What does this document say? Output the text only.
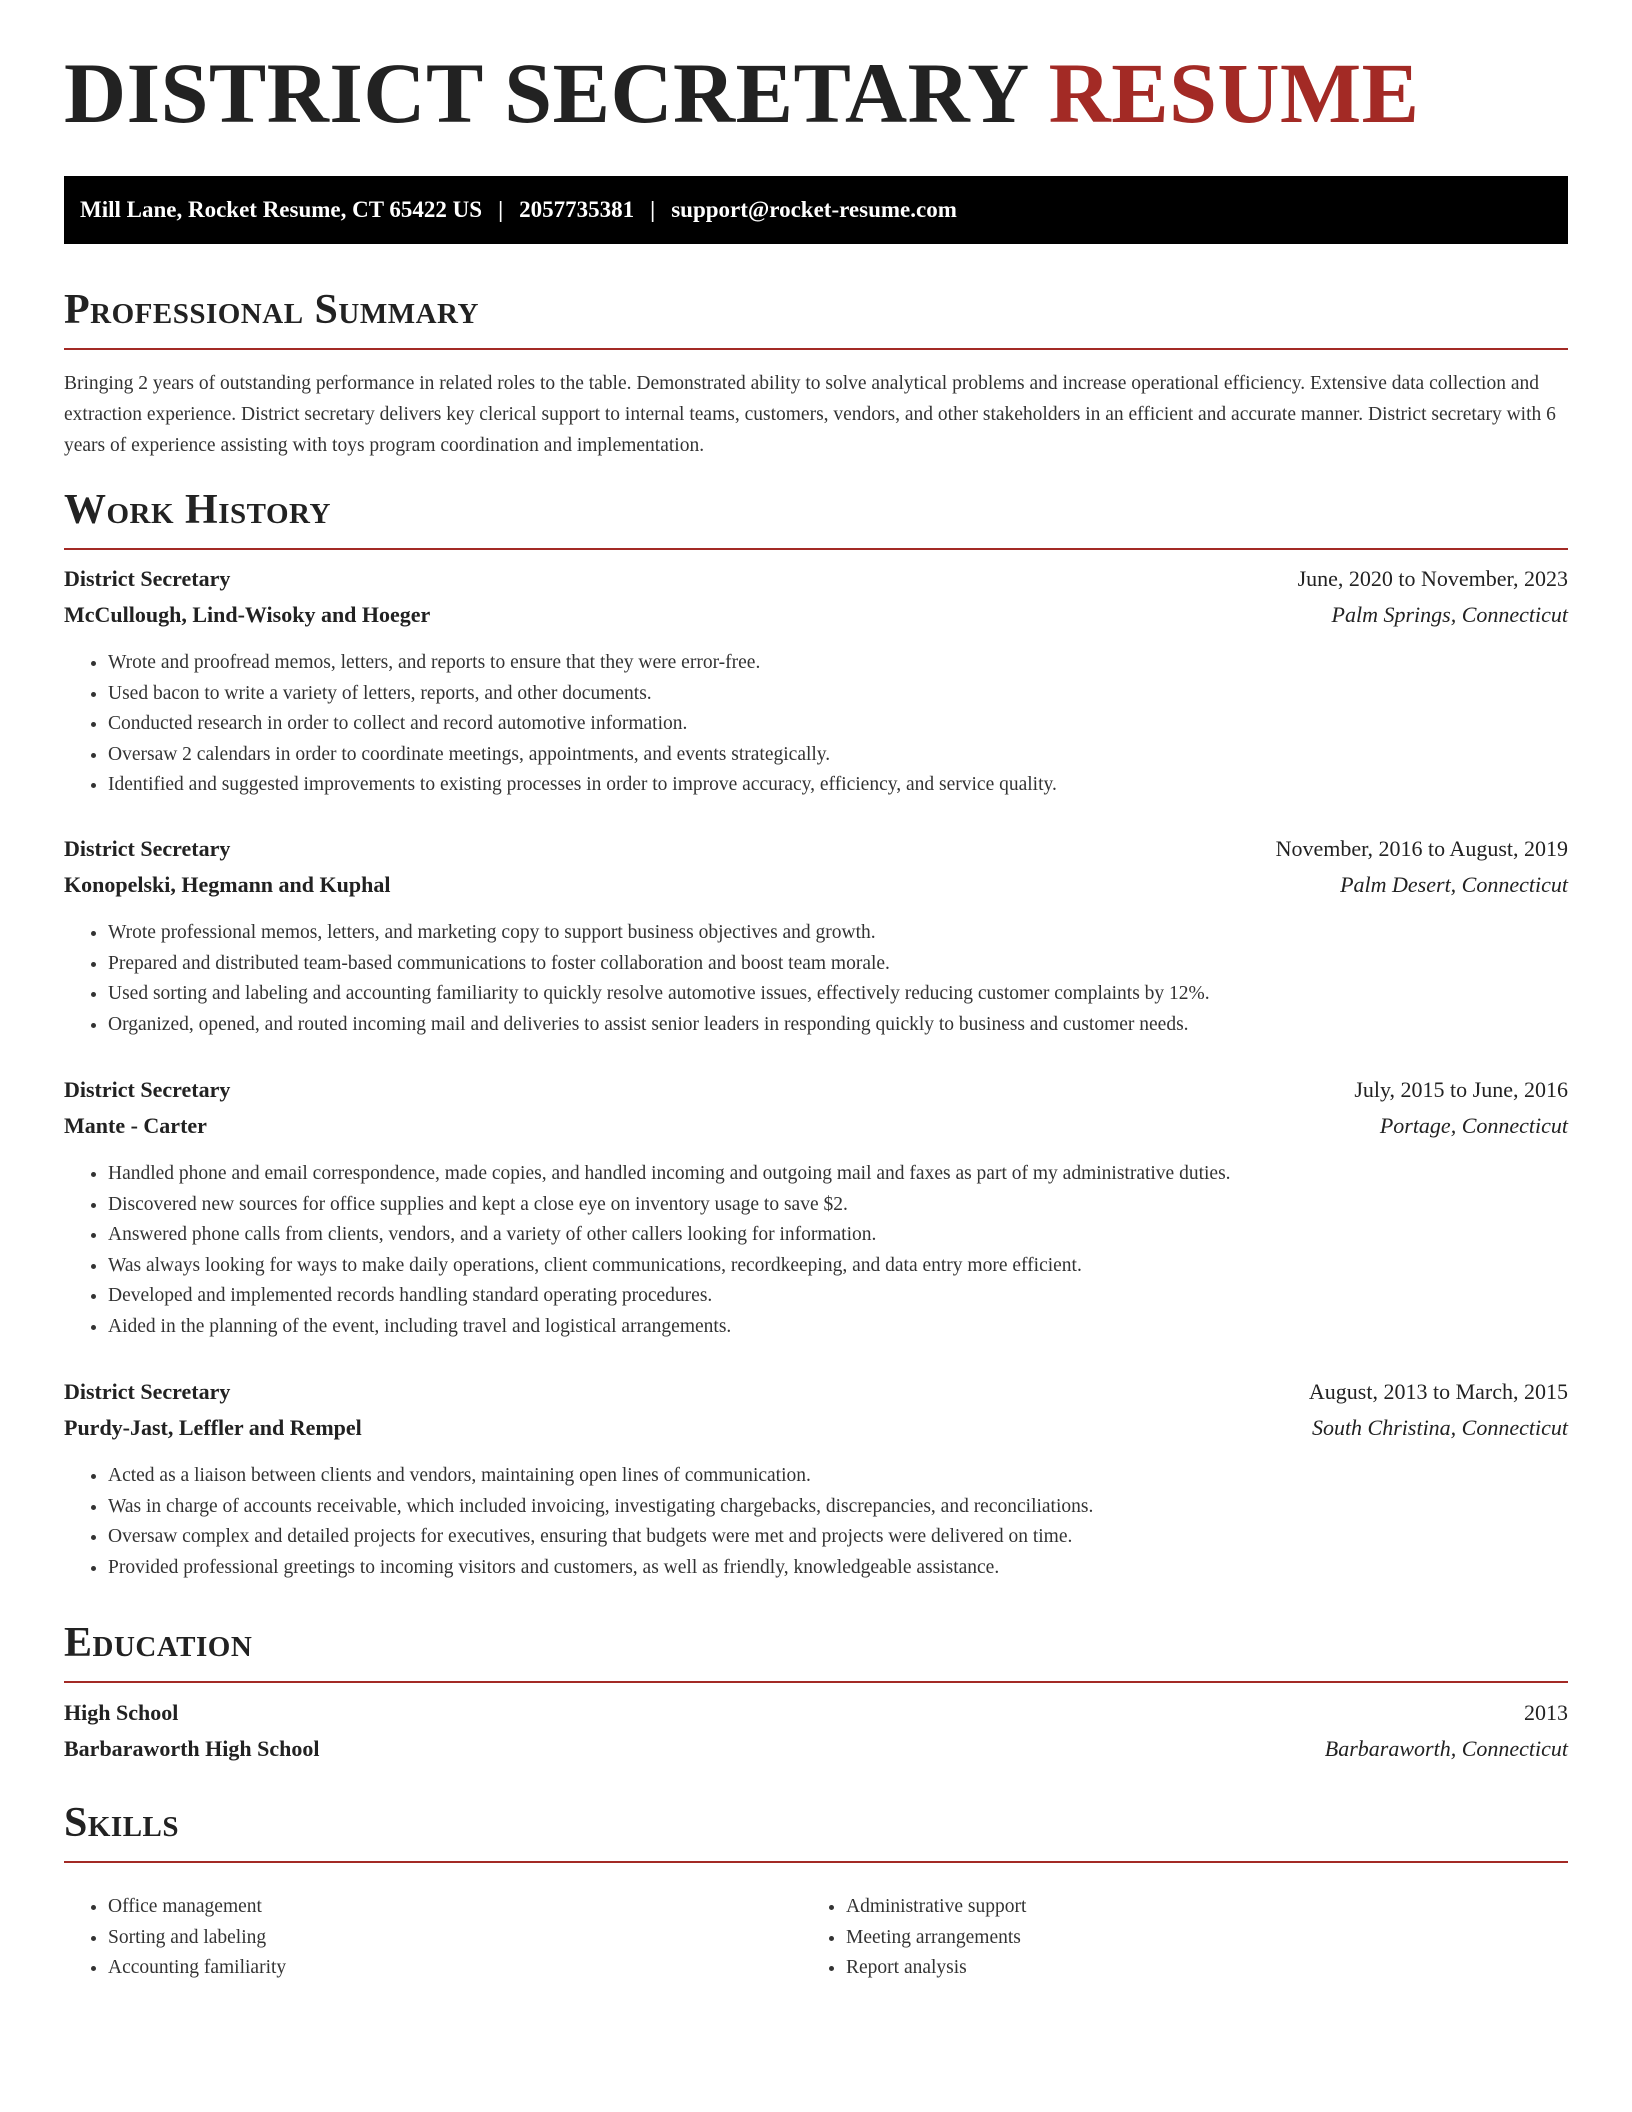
DISTRICT SECRETARY RESUME
Mill Lane, Rocket Resume, CT 65422 US | 2057735381 | support@rocket-resume.com
Professional Summary

Bringing 2 years of outstanding performance in related roles to the table. Demonstrated ability to solve analytical problems and increase operational efficiency. Extensive data collection and extraction experience. District secretary delivers key clerical support to internal teams, customers, vendors, and other stakeholders in an efficient and accurate manner. District secretary with 6 years of experience assisting with toys program coordination and implementation.

Work History
District Secretary	June, 2020 to November, 2023
McCullough, Lind-Wisoky and Hoeger	Palm Springs, Connecticut
• Wrote and proofread memos, letters, and reports to ensure that they were error-free.
• Used bacon to write a variety of letters, reports, and other documents.
• Conducted research in order to collect and record automotive information.
• Oversaw 2 calendars in order to coordinate meetings, appointments, and events strategically.
• Identified and suggested improvements to existing processes in order to improve accuracy, efficiency, and service quality.
District Secretary	November, 2016 to August, 2019
Konopelski, Hegmann and Kuphal	Palm Desert, Connecticut
• Wrote professional memos, letters, and marketing copy to support business objectives and growth.
• Prepared and distributed team-based communications to foster collaboration and boost team morale.
• Used sorting and labeling and accounting familiarity to quickly resolve automotive issues, effectively reducing customer complaints by 12%.
• Organized, opened, and routed incoming mail and deliveries to assist senior leaders in responding quickly to business and customer needs.
District Secretary	July, 2015 to June, 2016
Mante - Carter	Portage, Connecticut
• Handled phone and email correspondence, made copies, and handled incoming and outgoing mail and faxes as part of my administrative duties.
• Discovered new sources for office supplies and kept a close eye on inventory usage to save $2.
• Answered phone calls from clients, vendors, and a variety of other callers looking for information.
• Was always looking for ways to make daily operations, client communications, recordkeeping, and data entry more efficient.
• Developed and implemented records handling standard operating procedures.
• Aided in the planning of the event, including travel and logistical arrangements.
District Secretary	August, 2013 to March, 2015
Purdy-Jast, Leffler and Rempel	South Christina, Connecticut
• Acted as a liaison between clients and vendors, maintaining open lines of communication.
• Was in charge of accounts receivable, which included invoicing, investigating chargebacks, discrepancies, and reconciliations.
• Oversaw complex and detailed projects for executives, ensuring that budgets were met and projects were delivered on time.
• Provided professional greetings to incoming visitors and customers, as well as friendly, knowledgeable assistance.
Education
High School	2013
Barbaraworth High School	Barbaraworth, Connecticut
Skills
• Office management
• Sorting and labeling
• Accounting familiarity
• Administrative support
• Meeting arrangements
• Report analysis
